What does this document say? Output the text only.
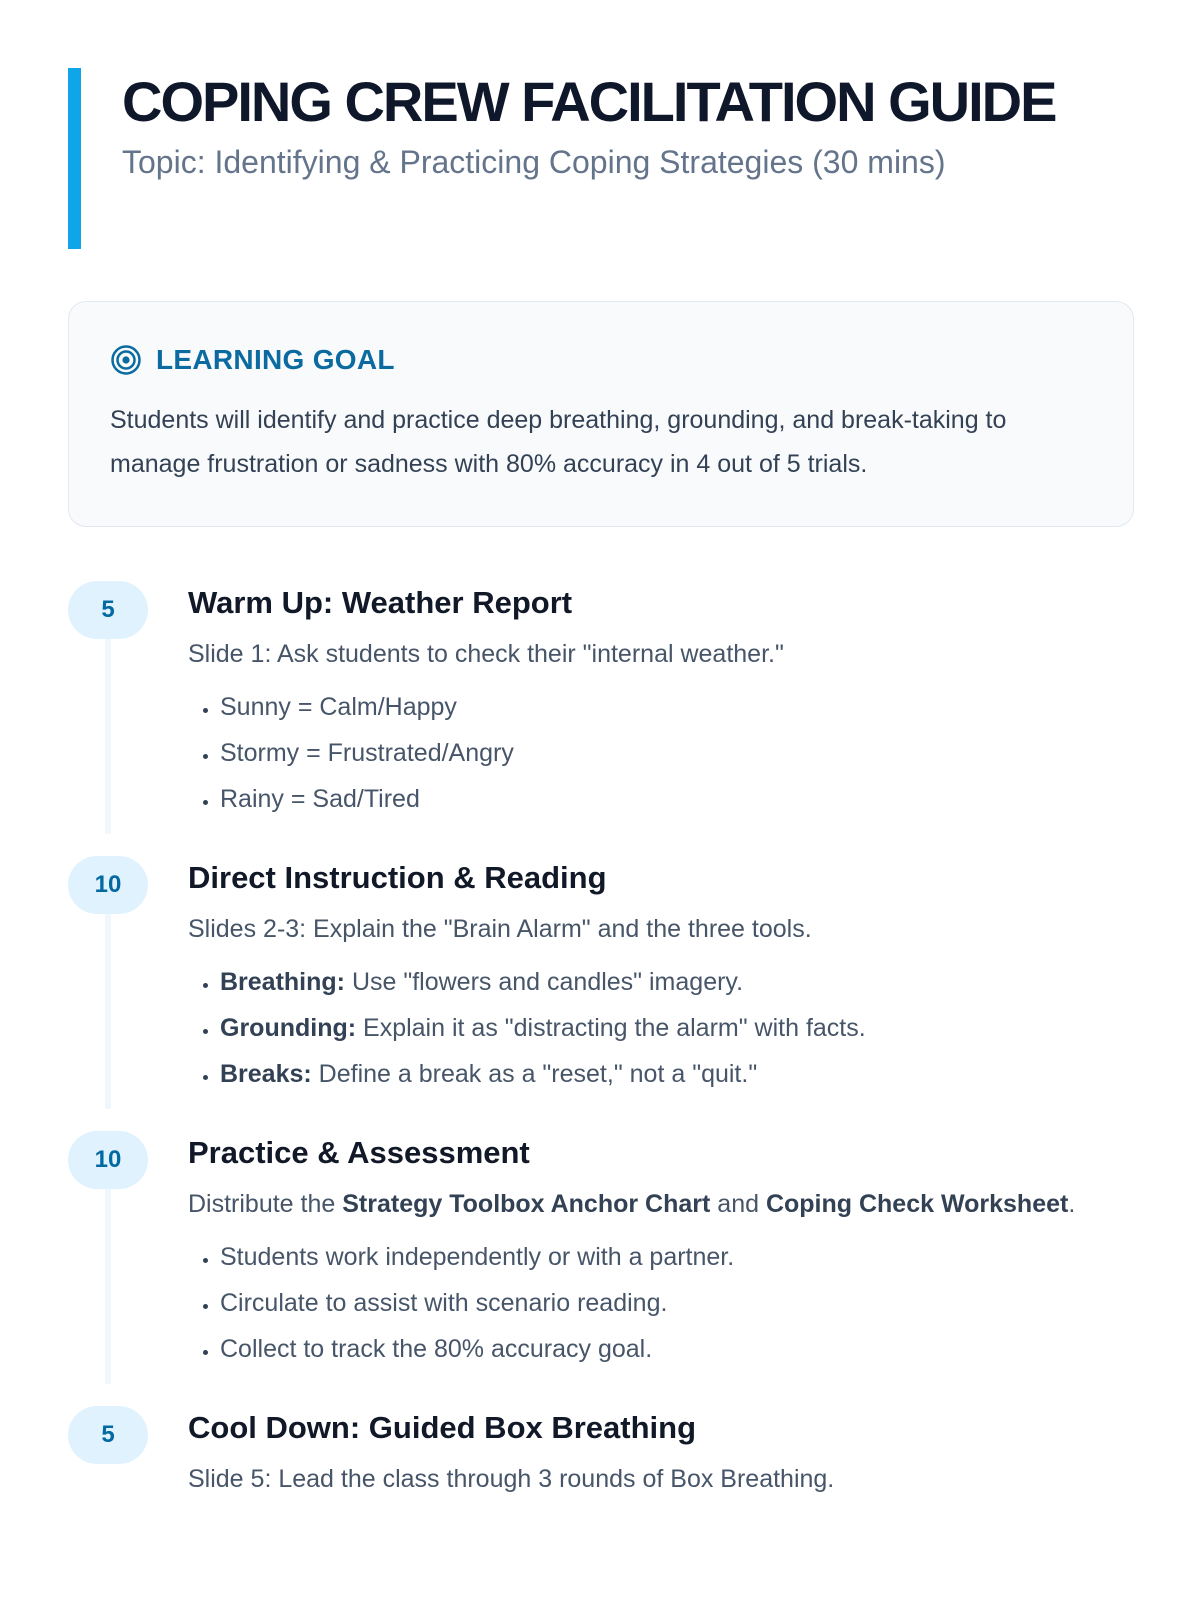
COPING CREW FACILITATION GUIDE
Topic: Identifying & Practicing Coping Strategies (30 mins)
LEARNING GOAL
Students will identify and practice deep breathing, grounding, and break-taking to manage frustration or sadness with 80% accuracy in 4 out of 5 trials.
5	Warm Up: Weather Report
Slide 1: Ask students to check their "internal weather."
• Sunny = Calm/Happy
• Stormy = Frustrated/Angry
• Rainy = Sad/Tired
10	Direct Instruction & Reading
Slides 2-3: Explain the "Brain Alarm" and the three tools.
• Breathing: Use "flowers and candles" imagery.
• Grounding: Explain it as "distracting the alarm" with facts.
• Breaks: Define a break as a "reset," not a "quit."
10	Practice & Assessment
Distribute the Strategy Toolbox Anchor Chart and Coping Check Worksheet.
• Students work independently or with a partner.
• Circulate to assist with scenario reading.
• Collect to track the 80% accuracy goal.
5	Cool Down: Guided Box Breathing
Slide 5: Lead the class through 3 rounds of Box Breathing.
